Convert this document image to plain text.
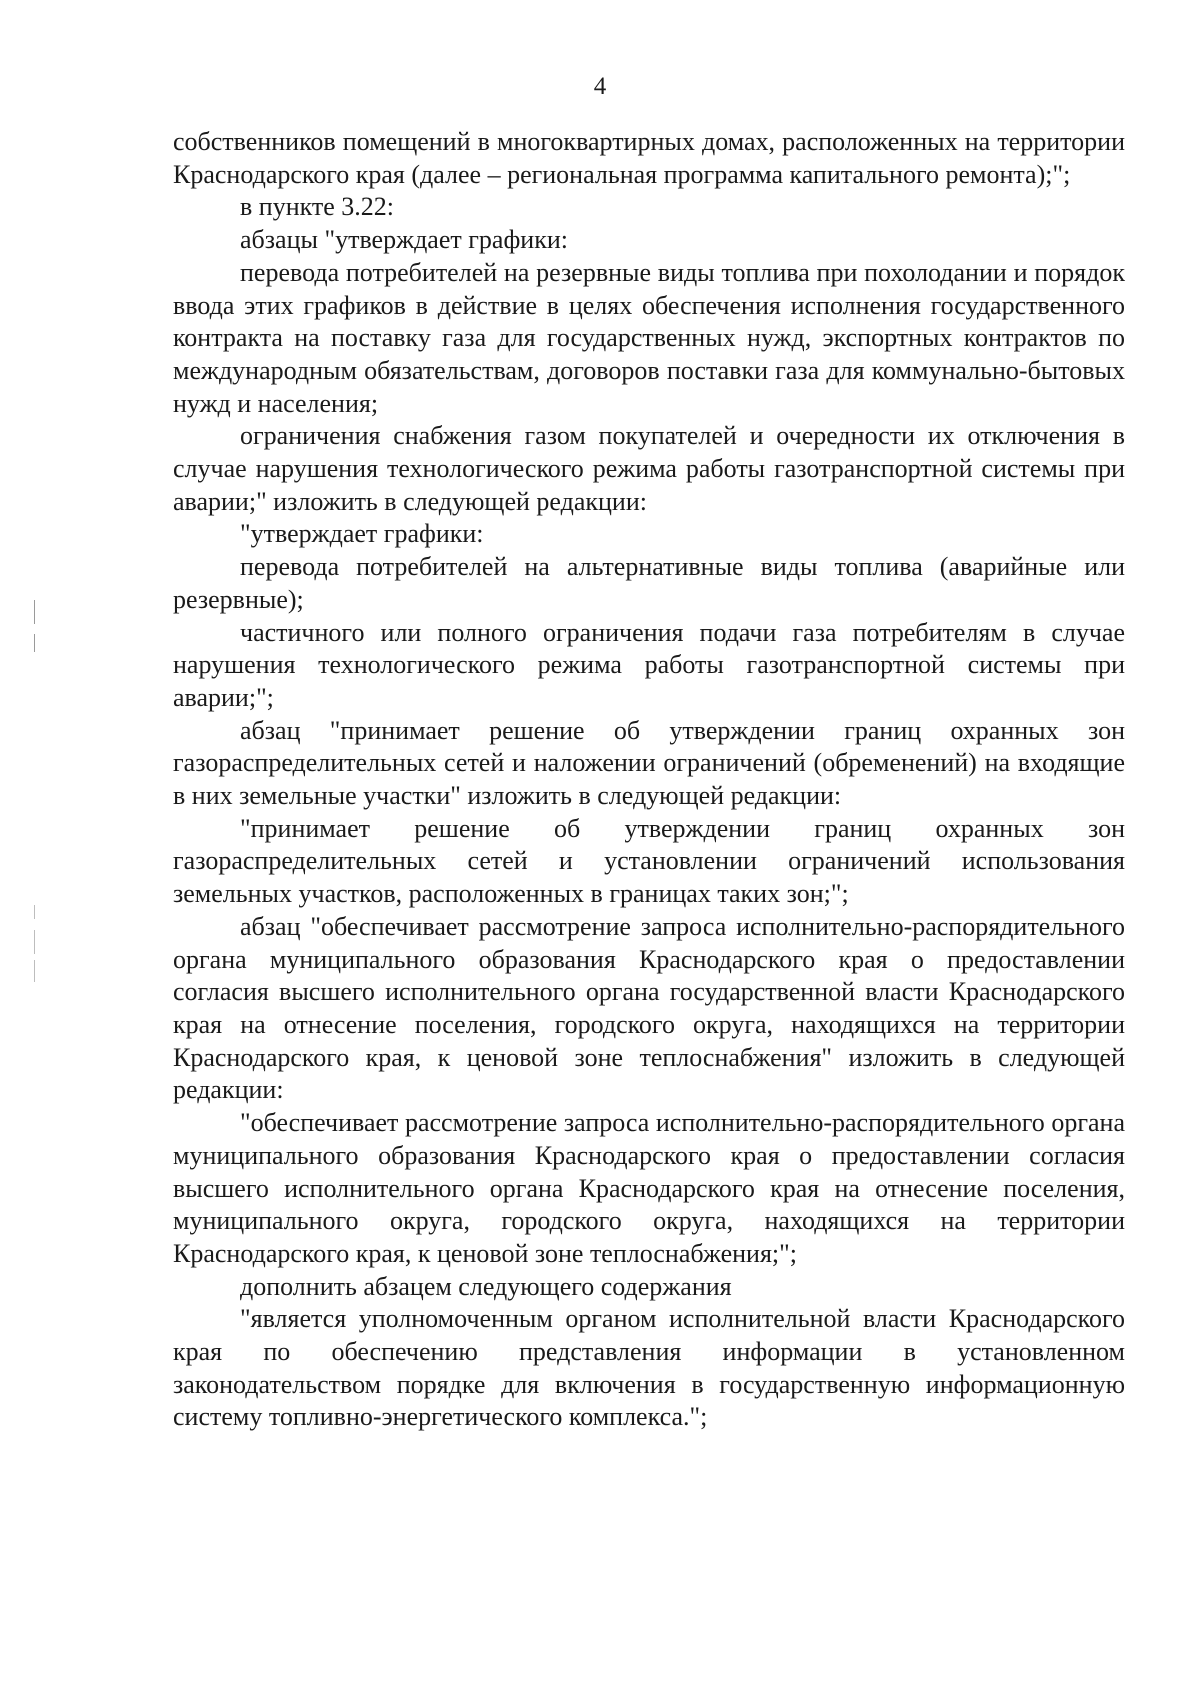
4

собственников помещений в многоквартирных домах, расположенных на территории Краснодарского края (далее – региональная программа капитального ремонта);";

в пункте 3.22:

абзацы "утверждает графики:

перевода потребителей на резервные виды топлива при похолодании и порядок ввода этих графиков в действие в целях обеспечения исполнения государственного контракта на поставку газа для государственных нужд, экспортных контрактов по международным обязательствам, договоров поставки газа для коммунально-бытовых нужд и населения;

ограничения снабжения газом покупателей и очередности их отключения в случае нарушения технологического режима работы газотранспортной системы при аварии;" изложить в следующей редакции:

"утверждает графики:

перевода потребителей на альтернативные виды топлива (аварийные или резервные);

частичного или полного ограничения подачи газа потребителям в случае нарушения технологического режима работы газотранспортной системы при аварии;";

абзац "принимает решение об утверждении границ охранных зон газораспределительных сетей и наложении ограничений (обременений) на входящие в них земельные участки" изложить в следующей редакции:

"принимает решение об утверждении границ охранных зон газораспределительных сетей и установлении ограничений использования земельных участков, расположенных в границах таких зон;";

абзац "обеспечивает рассмотрение запроса исполнительно-распорядительного органа муниципального образования Краснодарского края о предоставлении согласия высшего исполнительного органа государственной власти Краснодарского края на отнесение поселения, городского округа, находящихся на территории Краснодарского края, к ценовой зоне теплоснабжения" изложить в следующей редакции:

"обеспечивает рассмотрение запроса исполнительно-распорядительного органа муниципального образования Краснодарского края о предоставлении согласия высшего исполнительного органа Краснодарского края на отнесение поселения, муниципального округа, городского округа, находящихся на территории Краснодарского края, к ценовой зоне теплоснабжения;";

дополнить абзацем следующего содержания

"является уполномоченным органом исполнительной власти Краснодарского края по обеспечению представления информации в установленном законодательством порядке для включения в государственную информационную систему топливно-энергетического комплекса.";
